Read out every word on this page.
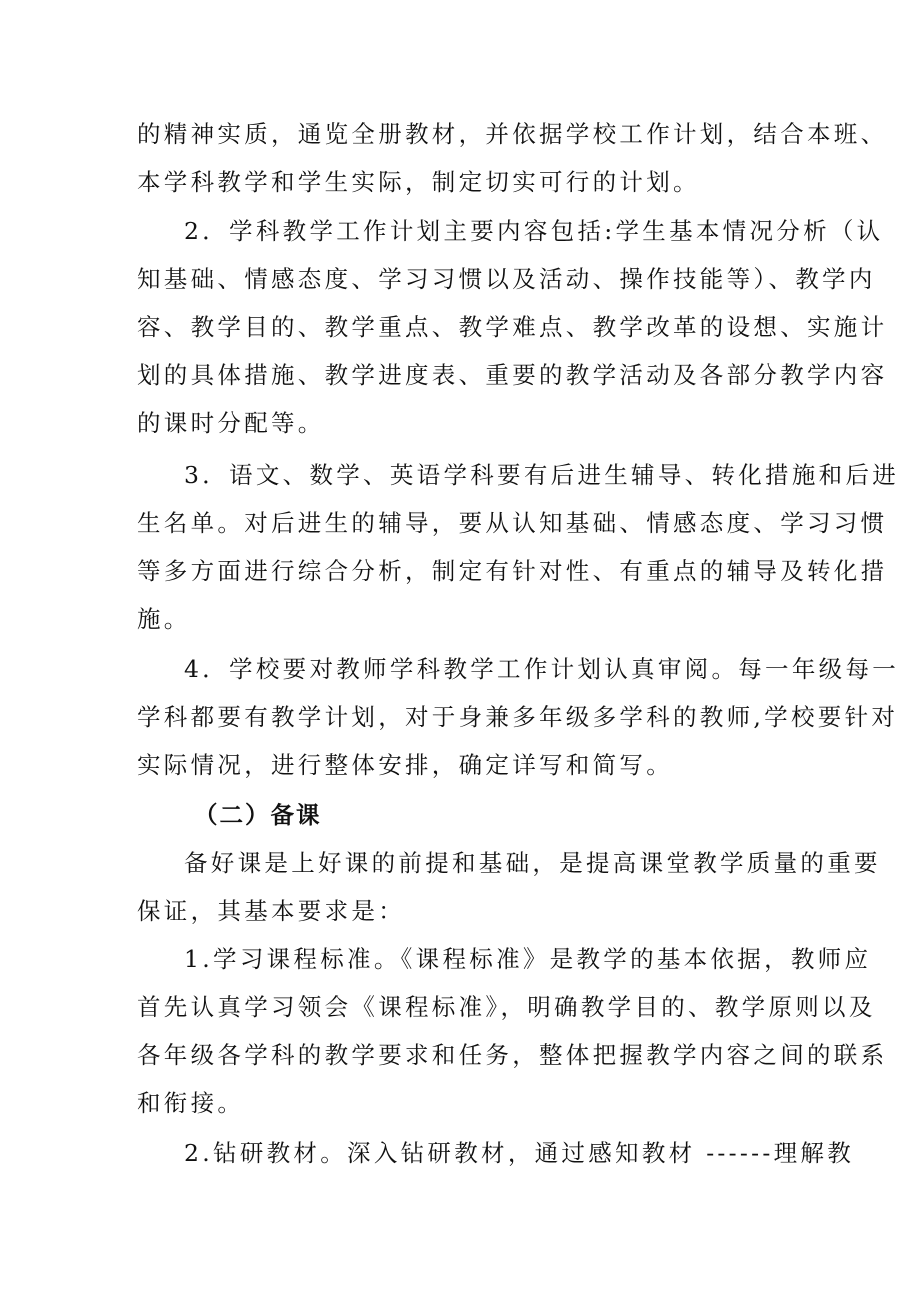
的精神实质，通览全册教材，并依据学校工作计划，结合本班、
本学科教学和学生实际，制定切实可行的计划。
2．学科教学工作计划主要内容包括:学生基本情况分析（认
知基础、情感态度、学习习惯以及活动、操作技能等）、教学内
容、教学目的、教学重点、教学难点、教学改革的设想、实施计
划的具体措施、教学进度表、重要的教学活动及各部分教学内容
的课时分配等。
3．语文、数学、英语学科要有后进生辅导、转化措施和后进
生名单。对后进生的辅导，要从认知基础、情感态度、学习习惯
等多方面进行综合分析，制定有针对性、有重点的辅导及转化措
施。
4．学校要对教师学科教学工作计划认真审阅。每一年级每一
学科都要有教学计划，对于身兼多年级多学科的教师,学校要针对
实际情况，进行整体安排，确定详写和简写。
（二）备课
备好课是上好课的前提和基础，是提高课堂教学质量的重要
保证，其基本要求是：
1.学习课程标准。《课程标准》是教学的基本依据，教师应
首先认真学习领会《课程标准》，明确教学目的、教学原则以及
各年级各学科的教学要求和任务，整体把握教学内容之间的联系
和衔接。
2.钻研教材。深入钻研教材，通过感知教材 ------理解教
